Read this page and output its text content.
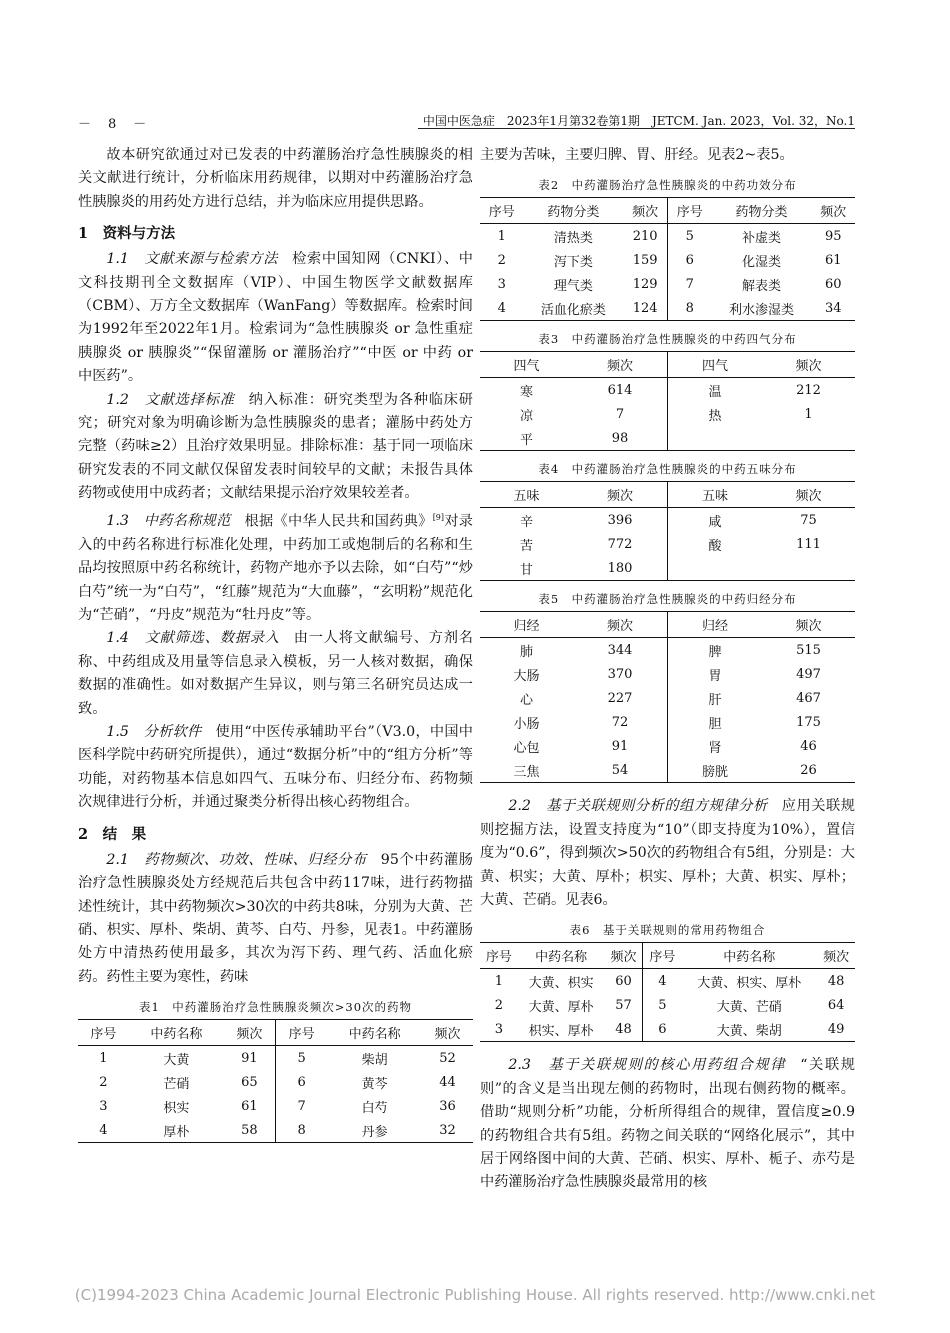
－　8　－	中国中医急症　2023年1月第32卷第1期　JETCM. Jan. 2023，Vol. 32，No.1

故本研究欲通过对已发表的中药灌肠治疗急性胰腺炎的相关文献进行统计，分析临床用药规律，以期对中药灌肠治疗急性胰腺炎的用药处方进行总结，并为临床应用提供思路。

1　资料与方法

1.1　文献来源与检索方法 检索中国知网（CNKI）、中文科技期刊全文数据库（VIP）、中国生物医学文献数据库（CBM）、万方全文数据库（WanFang）等数据库。检索时间为1992年至2022年1月。检索词为“急性胰腺炎 or 急性重症胰腺炎 or 胰腺炎”“保留灌肠 or 灌肠治疗”“中医 or 中药 or 中医药”。

1.2　文献选择标准 纳入标准：研究类型为各种临床研究；研究对象为明确诊断为急性胰腺炎的患者；灌肠中药处方完整（药味≥2）且治疗效果明显。排除标准：基于同一项临床研究发表的不同文献仅保留发表时间较早的文献；未报告具体药物或使用中成药者；文献结果提示治疗效果较差者。

1.3　中药名称规范 根据《中华人民共和国药典》[9]对录入的中药名称进行标准化处理，中药加工或炮制后的名称和生品均按照原中药名称统计，药物产地亦予以去除，如“白芍”“炒白芍”统一为“白芍”，“红藤”规范为“大血藤”，“玄明粉”规范化为“芒硝”，“丹皮”规范为“牡丹皮”等。

1.4　文献筛选、数据录入 由一人将文献编号、方剂名称、中药组成及用量等信息录入模板，另一人核对数据，确保数据的准确性。如对数据产生异议，则与第三名研究员达成一致。

1.5　分析软件 使用“中医传承辅助平台”（V3.0，中国中医科学院中药研究所提供），通过“数据分析”中的“组方分析”等功能，对药物基本信息如四气、五味分布、归经分布、药物频次规律进行分析，并通过聚类分析得出核心药物组合。

2　结　果

2.1　药物频次、功效、性味、归经分布 95个中药灌肠治疗急性胰腺炎处方经规范后共包含中药117味，进行药物描述性统计，其中药物频次>30次的中药共8味，分别为大黄、芒硝、枳实、厚朴、柴胡、黄芩、白芍、丹参，见表1。中药灌肠处方中清热药使用最多，其次为泻下药、理气药、活血化瘀药。药性主要为寒性，药味

表1　中药灌肠治疗急性胰腺炎频次>30次的药物
序号	中药名称	频次	序号	中药名称	频次
1	大黄	91	5	柴胡	52
2	芒硝	65	6	黄芩	44
3	枳实	61	7	白芍	36
4	厚朴	58	8	丹参	32

主要为苦味，主要归脾、胃、肝经。见表2~表5。

表2　中药灌肠治疗急性胰腺炎的中药功效分布
序号	药物分类	频次	序号	药物分类	频次
1	清热类	210	5	补虚类	95
2	泻下类	159	6	化湿类	61
3	理气类	129	7	解表类	60
4	活血化瘀类	124	8	利水渗湿类	34
表3　中药灌肠治疗急性胰腺炎的中药四气分布
四气	频次	四气	频次
寒	614	温	212
凉	7	热	1
平	98		
表4　中药灌肠治疗急性胰腺炎的中药五味分布
五味	频次	五味	频次
辛	396	咸	75
苦	772	酸	111
甘	180		
表5　中药灌肠治疗急性胰腺炎的中药归经分布
归经	频次	归经	频次
肺	344	脾	515
大肠	370	胃	497
心	227	肝	467
小肠	72	胆	175
心包	91	肾	46
三焦	54	膀胱	26

2.2　基于关联规则分析的组方规律分析 应用关联规则挖掘方法，设置支持度为“10”（即支持度为10%），置信度为“0.6”，得到频次>50次的药物组合有5组，分别是：大黄、枳实；大黄、厚朴；枳实、厚朴；大黄、枳实、厚朴；大黄、芒硝。见表6。

表6　基于关联规则的常用药物组合
序号	中药名称	频次	序号	中药名称	频次
1	大黄、枳实	60	4	大黄、枳实、厚朴	48
2	大黄、厚朴	57	5	大黄、芒硝	64
3	枳实、厚朴	48	6	大黄、柴胡	49

2.3　基于关联规则的核心用药组合规律 “关联规则”的含义是当出现左侧的药物时，出现右侧药物的概率。借助“规则分析”功能，分析所得组合的规律，置信度≥0.9的药物组合共有5组。药物之间关联的“网络化展示”，其中居于网络图中间的大黄、芒硝、枳实、厚朴、栀子、赤芍是中药灌肠治疗急性胰腺炎最常用的核

(C)1994-2023 China Academic Journal Electronic Publishing House. All rights reserved. http://www.cnki.net
